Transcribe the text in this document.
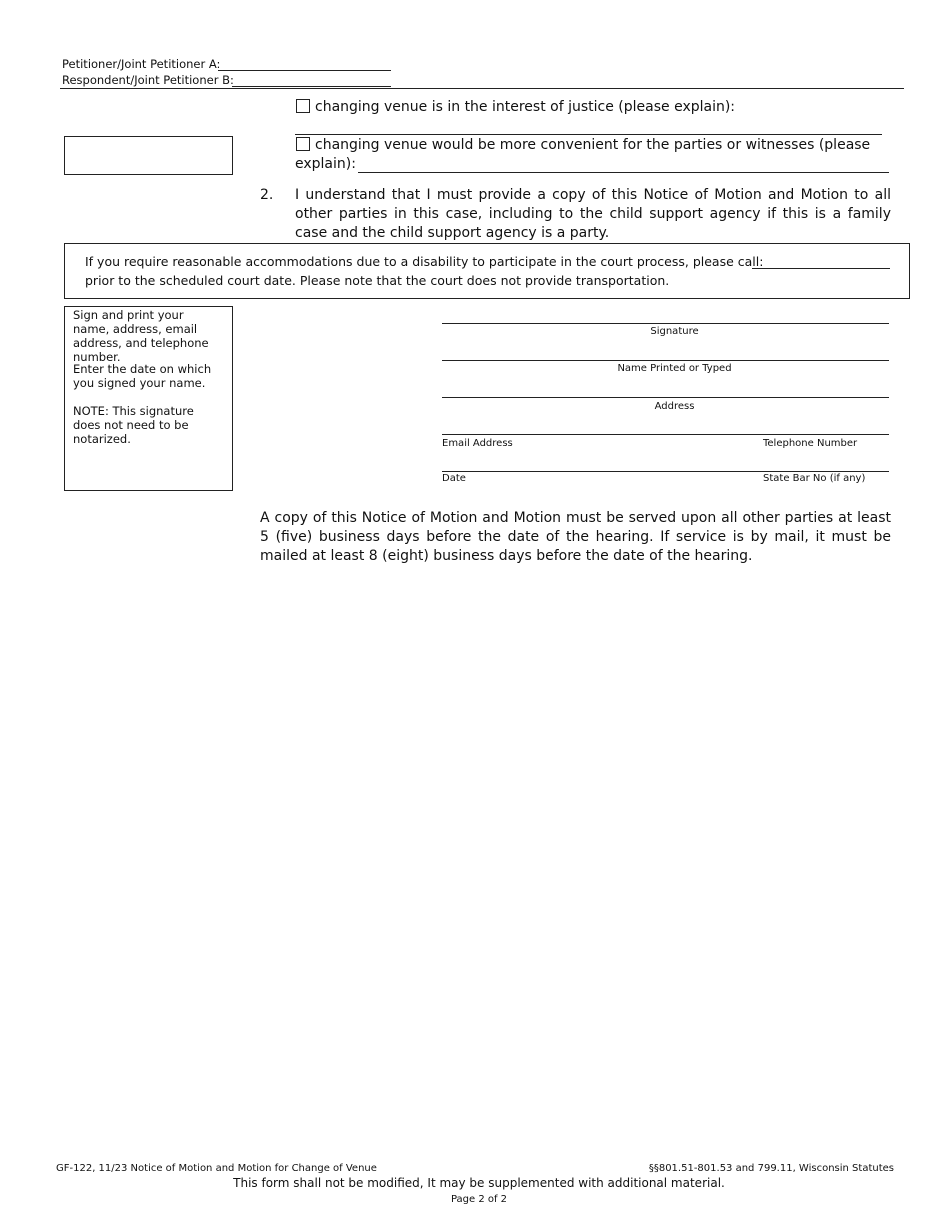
Petitioner/Joint Petitioner A:
Respondent/Joint Petitioner B:
changing venue is in the interest of justice (please explain):
changing venue would be more convenient for the parties or witnesses (please
explain):
2. I understand that I must provide a copy of this Notice of Motion and Motion to all other parties in this case, including to the child support agency if this is a family case and the child support agency is a party.
If you require reasonable accommodations due to a disability to participate in the court process, please call:
prior to the scheduled court date. Please note that the court does not provide transportation.
Sign and print your name, address, email address, and telephone number.
Enter the date on which you signed your name.
NOTE: This signature does not need to be notarized.
Signature
Name Printed or Typed
Address
Email Address	Telephone Number
Date	State Bar No (if any)
A copy of this Notice of Motion and Motion must be served upon all other parties at least 5 (five) business days before the date of the hearing. If service is by mail, it must be mailed at least 8 (eight) business days before the date of the hearing.
GF-122, 11/23 Notice of Motion and Motion for Change of Venue	§§801.51-801.53 and 799.11, Wisconsin Statutes
This form shall not be modified, It may be supplemented with additional material.
Page 2 of 2
